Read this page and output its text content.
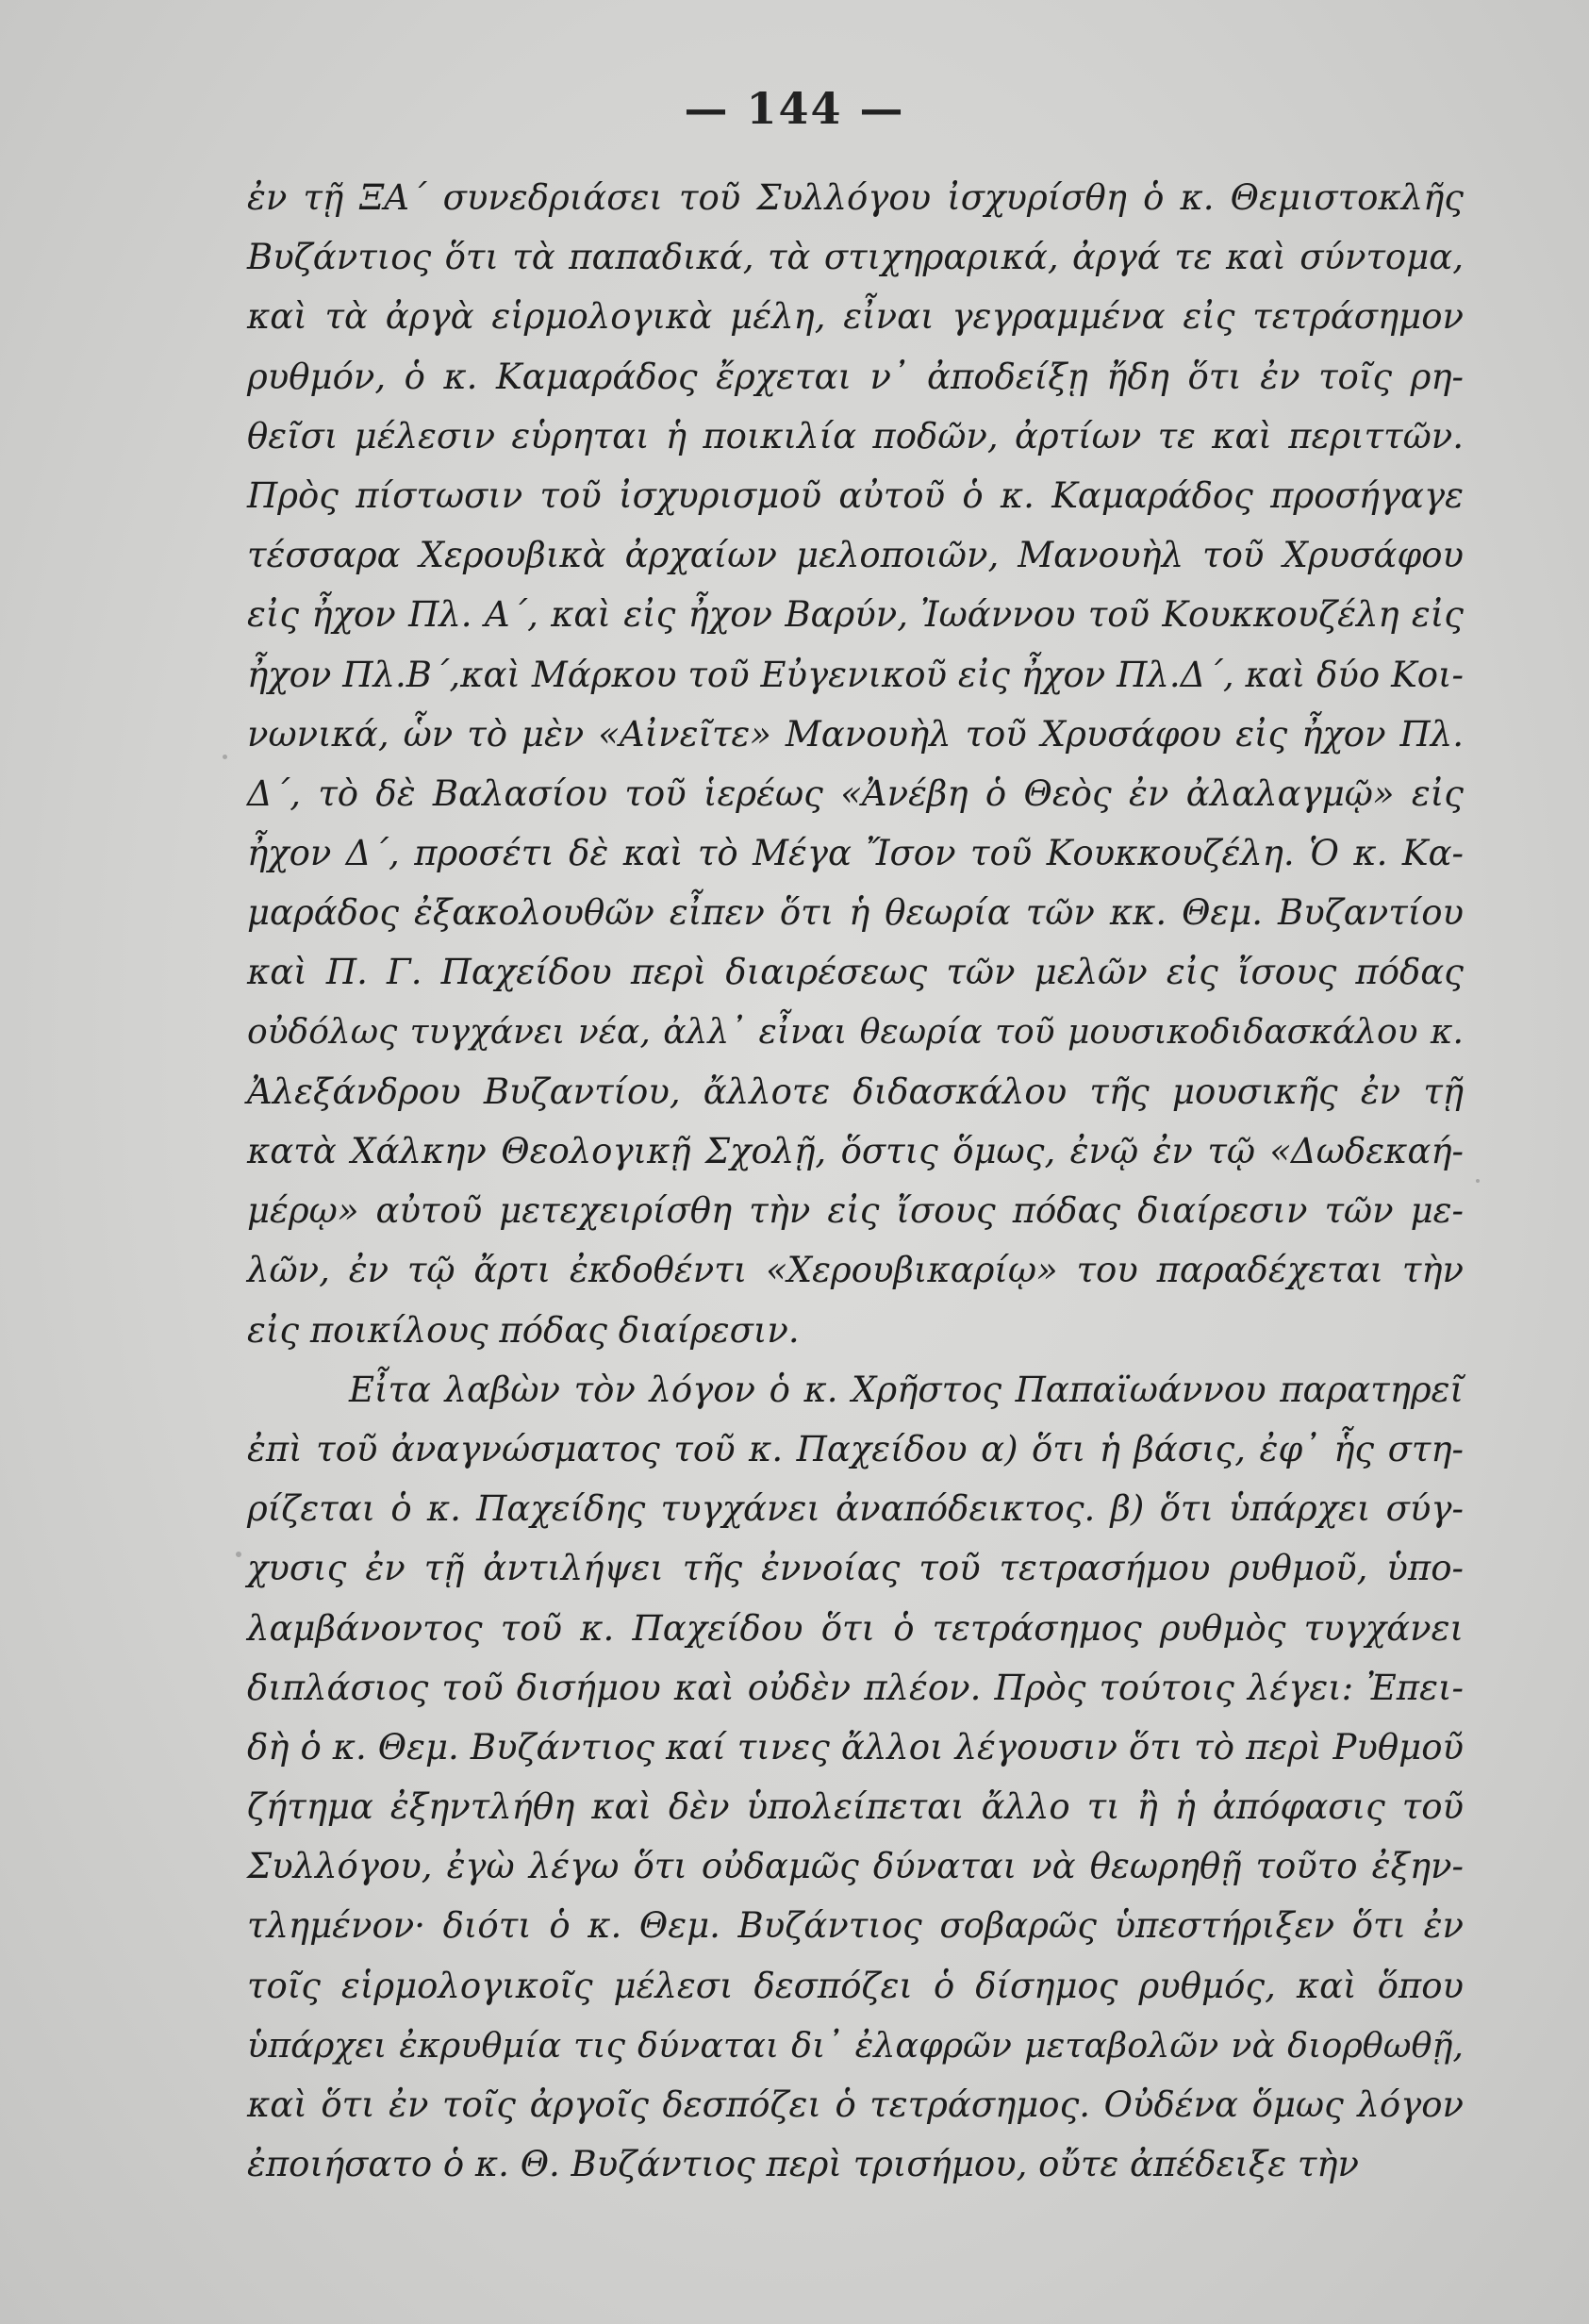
— 144 —
ἐν τῇ ΞΑ΄ συνεδριάσει τοῦ Συλλόγου ἰσχυρίσθη ὁ κ. Θεμιστοκλῆς
Βυζάντιος ὅτι τὰ παπαδικά, τὰ στιχηραρικά, ἀργά τε καὶ σύντομα,
καὶ τὰ ἀργὰ εἱρμολογικὰ μέλη, εἶναι γεγραμμένα εἰς τετράσημον
ρυθμόν, ὁ κ. Καμαράδος ἔρχεται ν᾽ ἀποδείξῃ ἤδη ὅτι ἐν τοῖς ρη-
θεῖσι μέλεσιν εὑρηται ἡ ποικιλία ποδῶν, ἀρτίων τε καὶ περιττῶν.
Πρὸς πίστωσιν τοῦ ἰσχυρισμοῦ αὐτοῦ ὁ κ. Καμαράδος προσήγαγε
τέσσαρα Χερουβικὰ ἀρχαίων μελοποιῶν, Μανουὴλ τοῦ Χρυσάφου
εἰς ἦχον Πλ. Α΄, καὶ εἰς ἦχον Βαρύν, Ἰωάννου τοῦ Κουκκουζέλη εἰς
ἦχον Πλ.Β΄,καὶ Μάρκου τοῦ Εὐγενικοῦ εἰς ἦχον Πλ.Δ΄, καὶ δύο Κοι-
νωνικά, ὧν τὸ μὲν «Αἰνεῖτε» Μανουὴλ τοῦ Χρυσάφου εἰς ἦχον Πλ.
Δ΄, τὸ δὲ Βαλασίου τοῦ ἱερέως «Ἀνέβη ὁ Θεὸς ἐν ἀλαλαγμῷ» εἰς
ἦχον Δ΄, προσέτι δὲ καὶ τὸ Μέγα Ἴσον τοῦ Κουκκουζέλη. Ὁ κ. Κα-
μαράδος ἐξακολουθῶν εἶπεν ὅτι ἡ θεωρία τῶν κκ. Θεμ. Βυζαντίου
καὶ Π. Γ. Παχείδου περὶ διαιρέσεως τῶν μελῶν εἰς ἴσους πόδας
οὐδόλως τυγχάνει νέα, ἀλλ᾽ εἶναι θεωρία τοῦ μουσικοδιδασκάλου κ.
Ἀλεξάνδρου Βυζαντίου, ἄλλοτε διδασκάλου τῆς μουσικῆς ἐν τῇ
κατὰ Χάλκην Θεολογικῇ Σχολῇ, ὅστις ὅμως, ἐνῷ ἐν τῷ «Δωδεκαή-
μέρῳ» αὐτοῦ μετεχειρίσθη τὴν εἰς ἴσους πόδας διαίρεσιν τῶν με-
λῶν, ἐν τῷ ἄρτι ἐκδοθέντι «Χερουβικαρίῳ» του παραδέχεται τὴν
εἰς ποικίλους πόδας διαίρεσιν.
Εἶτα λαβὼν τὸν λόγον ὁ κ. Χρῆστος Παπαϊωάννου παρατηρεῖ
ἐπὶ τοῦ ἀναγνώσματος τοῦ κ. Παχείδου α) ὅτι ἡ βάσις, ἐφ᾽ ἧς στη-
ρίζεται ὁ κ. Παχείδης τυγχάνει ἀναπόδεικτος. β) ὅτι ὑπάρχει σύγ-
χυσις ἐν τῇ ἀντιλήψει τῆς ἐννοίας τοῦ τετρασήμου ρυθμοῦ, ὑπο-
λαμβάνοντος τοῦ κ. Παχείδου ὅτι ὁ τετράσημος ρυθμὸς τυγχάνει
διπλάσιος τοῦ δισήμου καὶ οὐδὲν πλέον. Πρὸς τούτοις λέγει: Ἐπει-
δὴ ὁ κ. Θεμ. Βυζάντιος καί τινες ἄλλοι λέγουσιν ὅτι τὸ περὶ Ρυθμοῦ
ζήτημα ἐξηντλήθη καὶ δὲν ὑπολείπεται ἄλλο τι ἢ ἡ ἀπόφασις τοῦ
Συλλόγου, ἐγὼ λέγω ὅτι οὐδαμῶς δύναται νὰ θεωρηθῇ τοῦτο ἐξην-
τλημένον· διότι ὁ κ. Θεμ. Βυζάντιος σοβαρῶς ὑπεστήριξεν ὅτι ἐν
τοῖς εἱρμολογικοῖς μέλεσι δεσπόζει ὁ δίσημος ρυθμός, καὶ ὅπου
ὑπάρχει ἐκρυθμία τις δύναται δι᾽ ἐλαφρῶν μεταβολῶν νὰ διορθωθῇ,
καὶ ὅτι ἐν τοῖς ἀργοῖς δεσπόζει ὁ τετράσημος. Οὐδένα ὅμως λόγον
ἐποιήσατο ὁ κ. Θ. Βυζάντιος περὶ τρισήμου, οὔτε ἀπέδειξε τὴν
